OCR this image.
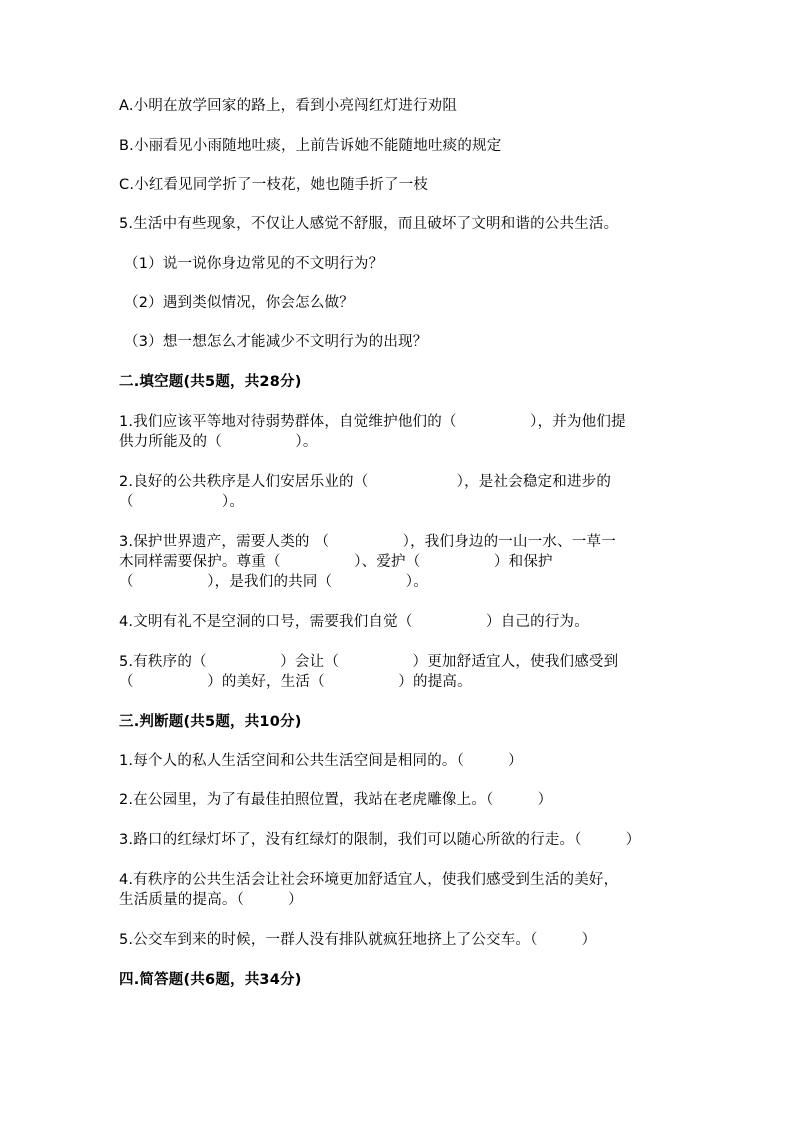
A.小明在放学回家的路上，看到小亮闯红灯进行劝阻
B.小丽看见小雨随地吐痰，上前告诉她不能随地吐痰的规定
C.小红看见同学折了一枝花，她也随手折了一枝
5.生活中有些现象，不仅让人感觉不舒服，而且破坏了文明和谐的公共生活。
（1）说一说你身边常见的不文明行为？
（2）遇到类似情况，你会怎么做？
（3）想一想怎么才能减少不文明行为的出现？
二.填空题(共5题，共28分)
1.我们应该平等地对待弱势群体，自觉维护他们的（　　　　　），并为他们提
供力所能及的（　　　　　）。
2.良好的公共秩序是人们安居乐业的（　　　　　　），是社会稳定和进步的
（　　　　　　）。
3.保护世界遗产，需要人类的 （　　　　　），我们身边的一山一水、一草一
木同样需要保护。尊重（　　　　　）、爱护（　　　　　）和保护
（　　　　　），是我们的共同（　　　　　）。
4.文明有礼不是空洞的口号，需要我们自觉（　　　　　）自己的行为。
5.有秩序的（　　　　　）会让（　　　　　）更加舒适宜人，使我们感受到
（　　　　　）的美好，生活（　　　　　）的提高。
三.判断题(共5题，共10分)
1.每个人的私人生活空间和公共生活空间是相同的。（　　　）
2.在公园里，为了有最佳拍照位置，我站在老虎雕像上。（　　　）
3.路口的红绿灯坏了，没有红绿灯的限制，我们可以随心所欲的行走。（　　　）
4.有秩序的公共生活会让社会环境更加舒适宜人，使我们感受到生活的美好，
生活质量的提高。（　　　）
5.公交车到来的时候，一群人没有排队就疯狂地挤上了公交车。（　　　）
四.简答题(共6题，共34分)
